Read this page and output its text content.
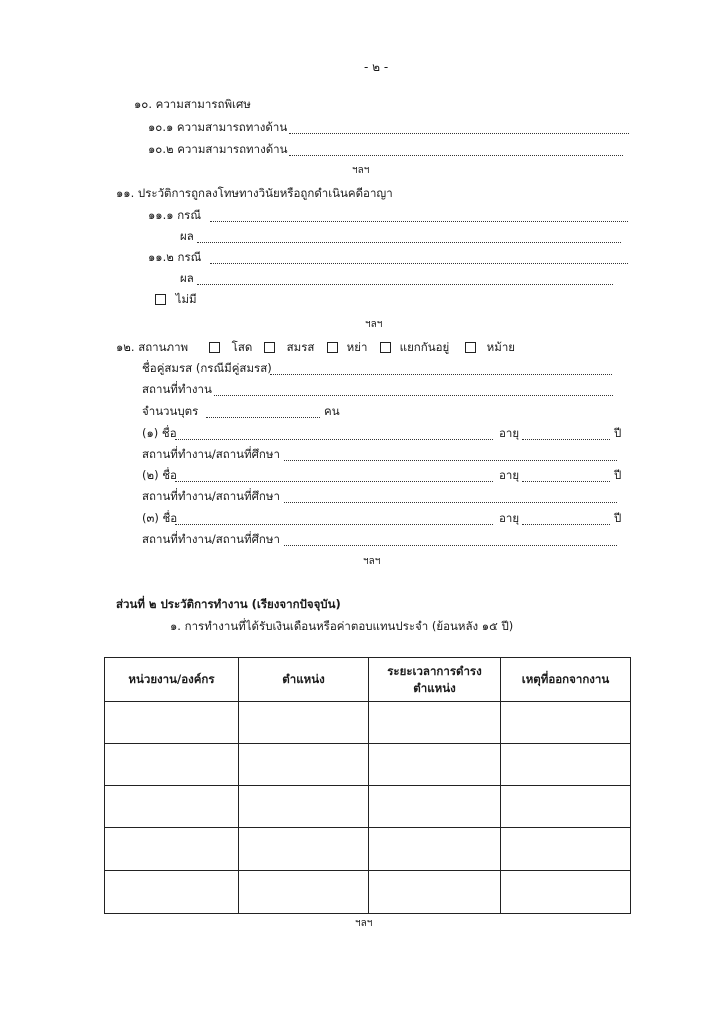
- ๒ -
๑๐. ความสามารถพิเศษ
๑๐.๑ ความสามารถทางด้าน
๑๐.๒ ความสามารถทางด้าน
ฯลฯ
๑๑. ประวัติการถูกลงโทษทางวินัยหรือถูกดำเนินคดีอาญา
๑๑.๑ กรณี
ผล
๑๑.๒ กรณี
ผล
ไม่มี
ฯลฯ
๑๒. สถานภาพ	โสด	สมรส	หย่า	แยกกันอยู่	หม้าย
ชื่อคู่สมรส (กรณีมีคู่สมรส)
สถานที่ทำงาน
จำนวนบุตร	คน
(๑) ชื่อ	อายุ	ปี
สถานที่ทำงาน/สถานที่ศึกษา
(๒) ชื่อ	อายุ	ปี
สถานที่ทำงาน/สถานที่ศึกษา
(๓) ชื่อ	อายุ	ปี
สถานที่ทำงาน/สถานที่ศึกษา
ฯลฯ
ส่วนที่ ๒ ประวัติการทำงาน (เรียงจากปัจจุบัน)
๑. การทำงานที่ได้รับเงินเดือนหรือค่าตอบแทนประจำ (ย้อนหลัง ๑๕ ปี)
หน่วยงาน/องค์กร	ตำแหน่ง	ระยะเวลาการดำรง ตำแหน่ง	เหตุที่ออกจากงาน

ฯลฯ
